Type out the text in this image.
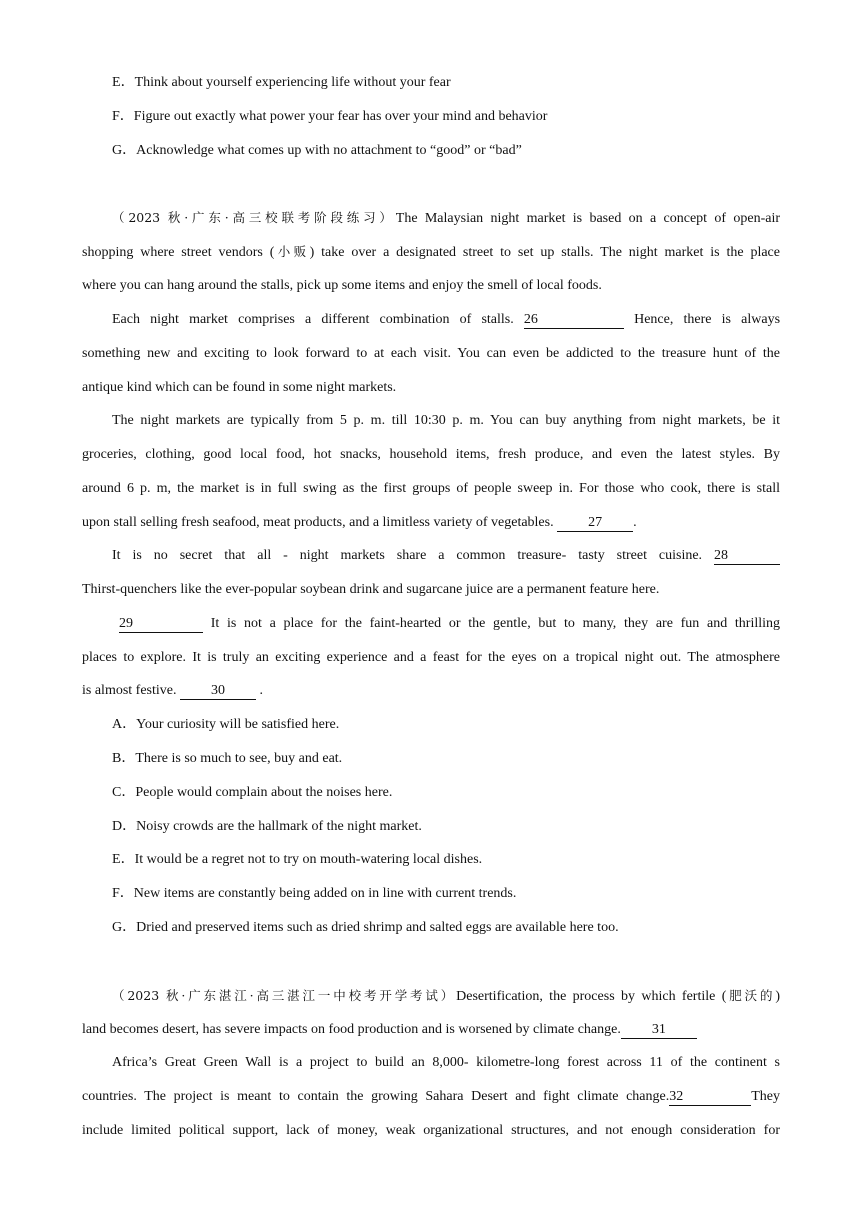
E．Think about yourself experiencing life without your fear
F．Figure out exactly what power your fear has over your mind and behavior
G．Acknowledge what comes up with no attachment to “good” or “bad”
（2023 秋·广东·高三校联考阶段练习）The Malaysian night market is based on a concept of open-air
shopping where street vendors (小贩) take over a designated street to set up stalls. The night market is the place
where you can hang around the stalls, pick up some items and enjoy the smell of local foods.
Each night market comprises a different combination of stalls. 26	Hence, there is always
something new and exciting to look forward to at each visit. You can even be addicted to the treasure hunt of the
antique kind which can be found in some night markets.
The night markets are typically from 5 p. m. till 10:30 p. m. You can buy anything from night markets, be it
groceries, clothing, good local food, hot snacks, household items, fresh produce, and even the latest styles. By
around 6 p. m, the market is in full swing as the first groups of people sweep in. For those who cook, there is stall
upon stall selling fresh seafood, meat products, and a limitless variety of vegetables. 27 .
It is no secret that all - night markets share a common treasure- tasty street cuisine. 28
Thirst-quenchers like the ever-popular soybean drink and sugarcane juice are a permanent feature here.
29	It is not a place for the faint-hearted or the gentle, but to many, they are fun and thrilling
places to explore. It is truly an exciting experience and a feast for the eyes on a tropical night out. The atmosphere
is almost festive. 30 .
A．Your curiosity will be satisfied here.
B．There is so much to see, buy and eat.
C．People would complain about the noises here.
D．Noisy crowds are the hallmark of the night market.
E．It would be a regret not to try on mouth-watering local dishes.
F．New items are constantly being added on in line with current trends.
G．Dried and preserved items such as dried shrimp and salted eggs are available here too.
（2023 秋·广东湛江·高三湛江一中校考开学考试）Desertification, the process by which fertile (肥沃的)
land becomes desert, has severe impacts on food production and is worsened by climate change. 31
Africa’s Great Green Wall is a project to build an 8,000- kilometre-long forest across 11 of the continent s
countries. The project is meant to contain the growing Sahara Desert and fight climate change.32	They
include limited political support, lack of money, weak organizational structures, and not enough consideration for
